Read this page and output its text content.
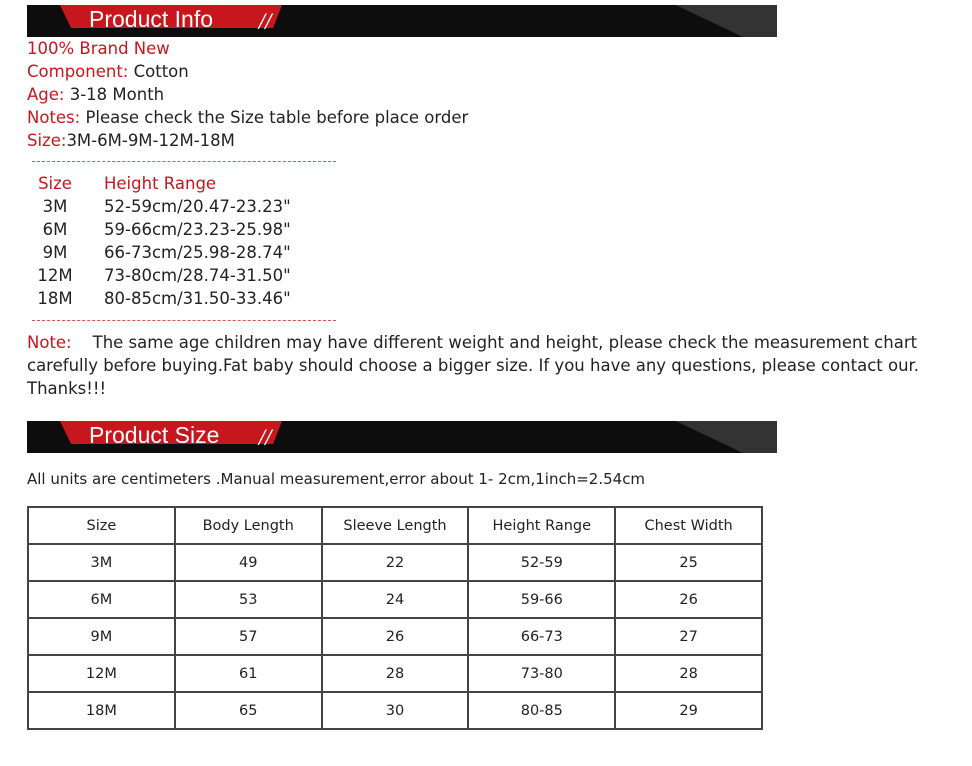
Product Info //
100% Brand New
Component: Cotton
Age: 3-18 Month
Notes: Please check the Size table before place order
Size:3M-6M-9M-12M-18M
Size	Height Range
3M	52-59cm/20.47-23.23"
6M	59-66cm/23.23-25.98"
9M	66-73cm/25.98-28.74"
12M	73-80cm/28.74-31.50"
18M	80-85cm/31.50-33.46"
Note: The same age children may have different weight and height, please check the measurement chart carefully before buying.Fat baby should choose a bigger size. If you have any questions, please contact our. Thanks!!!
Product Size //
All units are centimeters .Manual measurement,error about 1- 2cm,1inch=2.54cm
Size	Body Length	Sleeve Length	Height Range	Chest Width
3M	49	22	52-59	25
6M	53	24	59-66	26
9M	57	26	66-73	27
12M	61	28	73-80	28
18M	65	30	80-85	29
